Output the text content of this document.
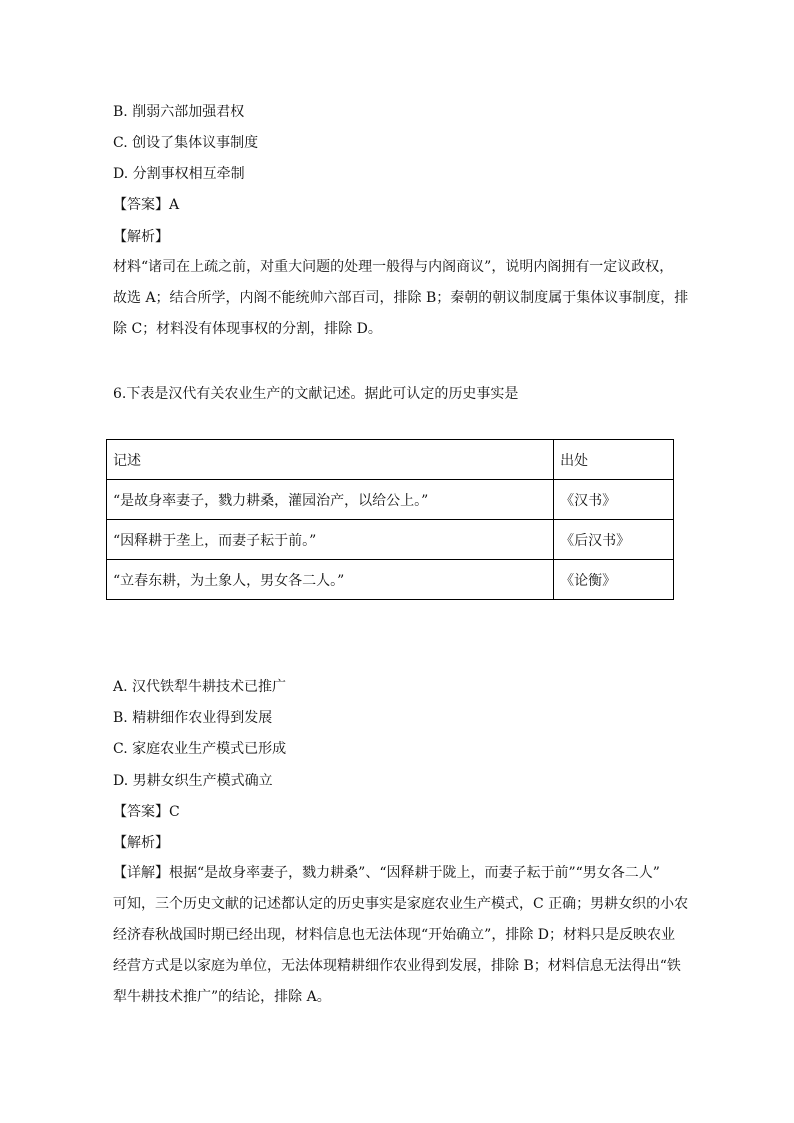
B. 削弱六部加强君权
C. 创设了集体议事制度
D. 分割事权相互牵制
【答案】A
【解析】
材料“诸司在上疏之前，对重大问题的处理一般得与内阁商议”，说明内阁拥有一定议政权，
故选 A；结合所学，内阁不能统帅六部百司，排除 B；秦朝的朝议制度属于集体议事制度，排
除 C；材料没有体现事权的分割，排除 D。
6.下表是汉代有关农业生产的文献记述。据此可认定的历史事实是
记述	出处
“是故身率妻子，戮力耕桑，灌园治产，以给公上。”	《汉书》
“因释耕于垄上，而妻子耘于前。”	《后汉书》
“立春东耕，为土象人，男女各二人。”	《论衡》
A. 汉代铁犁牛耕技术已推广
B. 精耕细作农业得到发展
C. 家庭农业生产模式已形成
D. 男耕女织生产模式确立
【答案】C
【解析】
【详解】根据“是故身率妻子，戮力耕桑”、“因释耕于陇上，而妻子耘于前”“男女各二人”
可知，三个历史文献的记述都认定的历史事实是家庭农业生产模式，C 正确；男耕女织的小农
经济春秋战国时期已经出现，材料信息也无法体现“开始确立”，排除 D；材料只是反映农业
经营方式是以家庭为单位，无法体现精耕细作农业得到发展，排除 B；材料信息无法得出“铁
犁牛耕技术推广”的结论，排除 A。
